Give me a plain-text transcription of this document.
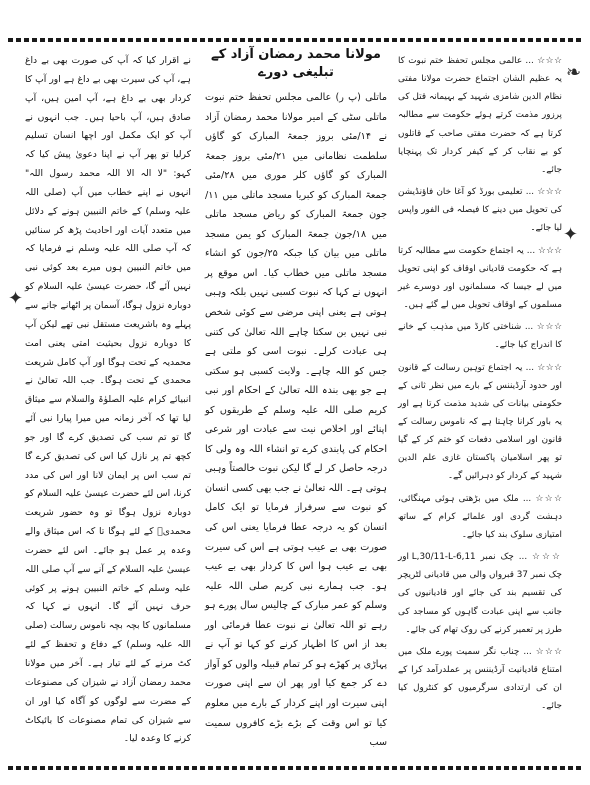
❧
✦
✦

☆☆☆ ... عالمی مجلس تحفظ ختم نبوت کا یہ عظیم الشان اجتماع حضرت مولانا مفتی نظام الدین شامزی شہید کے بہیمانہ قتل کی پرزور مذمت کرتے ہوئے حکومت سے مطالبہ کرتا ہے کہ حضرت مفتی صاحب کے قاتلوں کو بے نقاب کر کے کیفر کردار تک پہنچایا جائے۔

☆☆☆ ... تعلیمی بورڈ کو آغا خان فاؤنڈیشن کی تحویل میں دینے کا فیصلہ فی الفور واپس لیا جائے۔

☆☆☆ ... یہ اجتماع حکومت سے مطالبہ کرتا ہے کہ حکومت قادیانی اوقاف کو اپنی تحویل میں لے جیسا کہ مسلمانوں اور دوسرے غیر مسلموں کے اوقاف تحویل میں لے گئے ہیں۔

☆☆☆ ... شناختی کارڈ میں مذہب کے خانے کا اندراج کیا جائے۔

☆☆☆ ... یہ اجتماع توہین رسالت کے قانون اور حدود آرڈیننس کے بارے میں نظر ثانی کے حکومتی بیانات کی شدید مذمت کرتا ہے اور یہ باور کرانا چاہتا ہے کہ ناموس رسالت کے قانون اور اسلامی دفعات کو ختم کر کے گیا تو پھر اسلامیان پاکستان غازی علم الدین شہید کے کردار کو دہرائیں گے۔

☆☆☆ ... ملک میں بڑھتی ہوئی مہنگائی، دہشت گردی اور علمائے کرام کے ساتھ امتیازی سلوک بند کیا جائے۔

☆☆☆ ... چک نمبر 6,11-L,30/11-L اور چک نمبر 37 قبرواں والی میں قادیانی لٹریچر کی تقسیم بند کی جائے اور قادیانیوں کی جانب سے اپنی عبادت گاہوں کو مساجد کی طرز پر تعمیر کرنے کی روک تھام کی جائے۔

☆☆☆ ... چناب نگر سمیت پورے ملک میں امتناع قادیانیت آرڈیننس پر عملدرآمد کرا کے ان کی ارتدادی سرگرمیوں کو کنٹرول کیا جائے۔

مولانا محمد رمضان آزاد کے تبلیغی دورے

ماتلی (پ ر) عالمی مجلس تحفظ ختم نبوت ماتلی سٹی کے امیر مولانا محمد رمضان آزاد نے ۱۴/مئی بروز جمعۃ المبارک کو گاؤں سلطمت نظامانی میں ۲۱/مئی بروز جمعۃ المبارک کو گاؤں کلر موری میں ۲۸/مئی جمعۃ المبارک کو کبریا مسجد ماتلی میں ۱۱/جون جمعۃ المبارک کو ریاض مسجد ماتلی میں ۱۸/جون جمعۃ المبارک کو یمن مسجد ماتلی میں بیان کیا جبکہ ۲۵/جون کو انشاء مسجد ماتلی میں خطاب کیا۔ اس موقع پر انہوں نے کہا کہ نبوت کسبی نہیں بلکہ وہبی ہوتی ہے یعنی اپنی مرضی سے کوئی شخص نبی نہیں بن سکتا چاہے اللہ تعالیٰ کی کتنی ہی عبادت کرلے۔ نبوت اسی کو ملتی ہے جس کو اللہ چاہے۔ ولایت کسبی ہو سکتی ہے جو بھی بندہ اللہ تعالیٰ کے احکام اور نبی کریم صلی اللہ علیہ وسلم کے طریقوں کو اپنائے اور اخلاص نیت سے عبادت اور شرعی احکام کی پابندی کرے تو انشاء اللہ وہ ولی کا درجہ حاصل کر لے گا لیکن نبوت خالصتاً وہبی ہوتی ہے۔ اللہ تعالیٰ نے جب بھی کسی انسان کو نبوت سے سرفراز فرمایا تو ایک کامل انسان کو یہ درجہ عطا فرمایا یعنی اس کی صورت بھی بے عیب ہوتی ہے اس کی سیرت بھی بے عیب ہوا اس کا کردار بھی بے عیب ہو۔ جب ہمارے نبی کریم صلی اللہ علیہ وسلم کو عمر مبارک کے چالیس سال پورے ہو رہے تو اللہ تعالیٰ نے نبوت عطا فرمائی اور بعد از اس کا اظہار کرنے کو کہا تو آپ نے پہاڑی پر کھڑے ہو کر تمام قبیلہ والوں کو آواز دے کر جمع کیا اور پھر ان سے اپنی صورت اپنی سیرت اور اپنے کردار کے بارے میں معلوم کیا تو اس وقت کے بڑے بڑے کافروں سمیت سب

نے اقرار کیا کہ آپ کی صورت بھی بے داغ ہے، آپ کی سیرت بھی بے داغ ہے اور آپ کا کردار بھی بے داغ ہے، آپ امین ہیں، آپ صادق ہیں، آپ باحیا ہیں۔ جب انہوں نے آپ کو ایک مکمل اور اچھا انسان تسلیم کرلیا تو پھر آپ نے اپنا دعویٰ پیش کیا کہ کہو: "لا الہ الا اللہ محمد رسول اللہ" انہوں نے اپنے خطاب میں آپ (صلی اللہ علیہ وسلم) کے خاتم النبیین ہونے کے دلائل میں متعدد آیات اور احادیث پڑھ کر سنائیں کہ آپ صلی اللہ علیہ وسلم نے فرمایا کہ میں خاتم النبیین ہوں میرے بعد کوئی نبی نہیں آئے گا، حضرت عیسیٰ علیہ السلام کو دوبارہ نزول ہوگا، آسمان پر اٹھانے جانے سے پہلے وہ باشریعت مستقل نبی تھے لیکن آپ کا دوبارہ نزول بحیثیت امتی یعنی امت محمدیہ کے تحت ہوگا اور آپ کامل شریعت محمدی کے تحت ہوگا۔ جب اللہ تعالیٰ نے انبیائے کرام علیہ الصلوٰۃ والسلام سے میثاق لیا تھا کہ آخر زمانہ میں میرا پیارا نبی آئے گا تو تم سب کی تصدیق کرے گا اور جو کچھ تم پر نازل کیا اس کی تصدیق کرے گا تم سب اس پر ایمان لانا اور اس کی مدد کرنا، اس لئے حضرت عیسیٰ علیہ السلام کو دوبارہ نزول ہوگا تو وہ حضور شریعت محمدیؐ کے لئے ہوگا تا کہ اس میثاق والے وعدہ پر عمل ہو جائے۔ اس لئے حضرت عیسیٰ علیہ السلام کے آنے سے آپ صلی اللہ علیہ وسلم کے خاتم النبیین ہونے پر کوئی حرف نہیں آئے گا۔ انہوں نے کہا کہ مسلمانوں کا بچہ بچہ ناموس رسالت (صلی اللہ علیہ وسلم) کے دفاع و تحفظ کے لئے کٹ مرنے کے لئے تیار ہے۔ آخر میں مولانا محمد رمضان آزاد نے شیزان کی مصنوعات کے مضرت سے لوگوں کو آگاہ کیا اور ان سے شیزان کی تمام مصنوعات کا بائیکاٹ کرنے کا وعدہ لیا۔
